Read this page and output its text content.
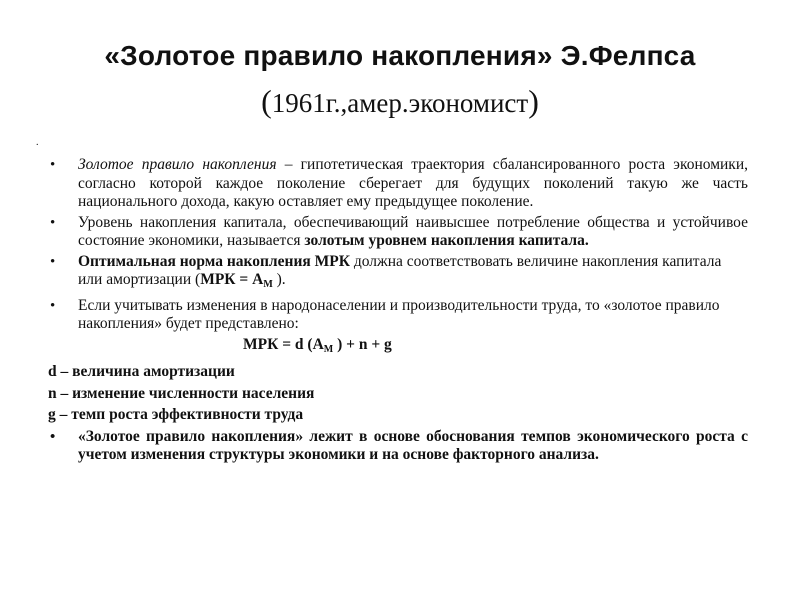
«Золотое правило накопления» Э.Фелпса
(1961г.,амер.экономист)
.
• Золотое правило накопления – гипотетическая траектория сбалансированного роста экономики, согласно которой каждое поколение сберегает для будущих поколений такую же часть национального дохода, какую оставляет ему предыдущее поколение.
• Уровень накопления капитала, обеспечивающий наивысшее потребление общества и устойчивое состояние экономики, называется золотым уровнем накопления капитала.
• Оптимальная норма накопления МРК должна соответствовать величине накопления капитала или амортизации ($МРК = А_М$ ).
• Если учитывать изменения в народонаселении и производительности труда, то «золотое правило накопления» будет представлено:
МРК = d ($А_М$ ) + n + g
d – величина амортизации
n – изменение численности населения
g – темп роста эффективности труда
• «Золотое правило накопления» лежит в основе обоснования темпов экономического роста с учетом изменения структуры экономики и на основе факторного анализа.
